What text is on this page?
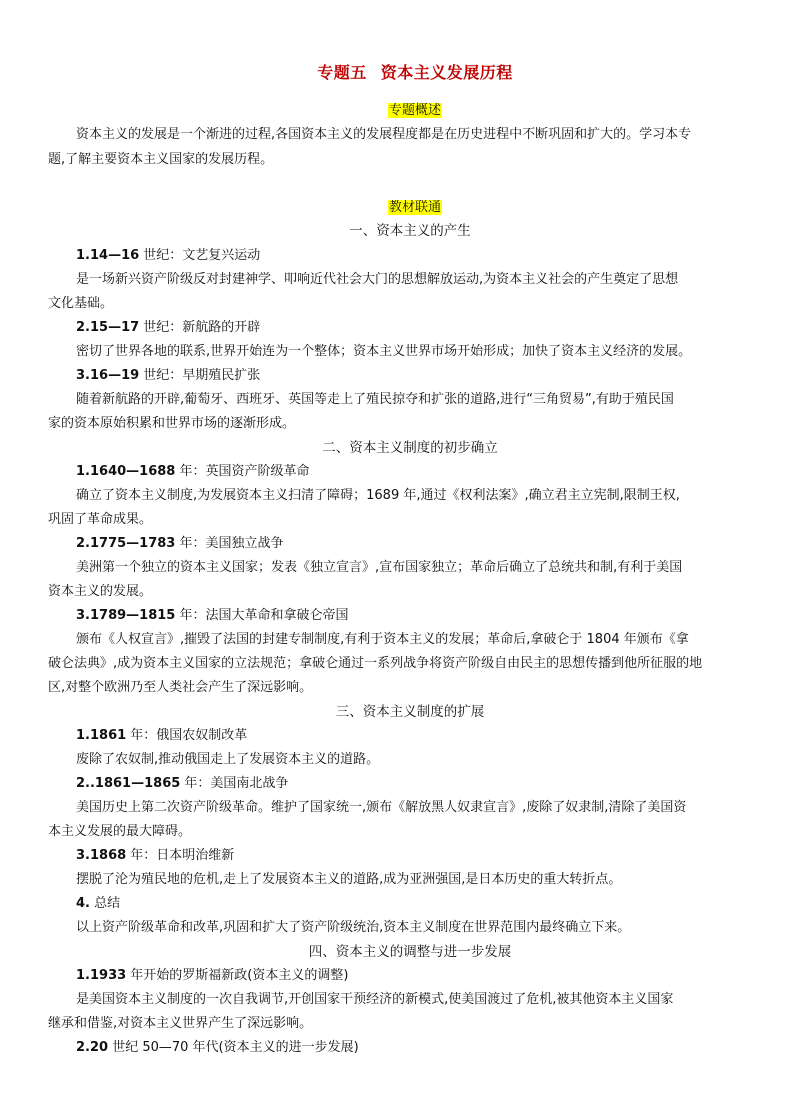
专题五 资本主义发展历程
专题概述
资本主义的发展是一个渐进的过程,各国资本主义的发展程度都是在历史进程中不断巩固和扩大的。学习本专
题,了解主要资本主义国家的发展历程。
教材联通
一、资本主义的产生
1.14—16 世纪：文艺复兴运动
是一场新兴资产阶级反对封建神学、叩响近代社会大门的思想解放运动,为资本主义社会的产生奠定了思想
文化基础。
2.15—17 世纪：新航路的开辟
密切了世界各地的联系,世界开始连为一个整体；资本主义世界市场开始形成；加快了资本主义经济的发展。
3.16—19 世纪：早期殖民扩张
随着新航路的开辟,葡萄牙、西班牙、英国等走上了殖民掠夺和扩张的道路,进行“三角贸易”,有助于殖民国
家的资本原始积累和世界市场的逐渐形成。
二、资本主义制度的初步确立
1.1640—1688 年：英国资产阶级革命
确立了资本主义制度,为发展资本主义扫清了障碍；1689 年,通过《权利法案》,确立君主立宪制,限制王权,
巩固了革命成果。
2.1775—1783 年：美国独立战争
美洲第一个独立的资本主义国家；发表《独立宣言》,宣布国家独立；革命后确立了总统共和制,有利于美国
资本主义的发展。
3.1789—1815 年：法国大革命和拿破仑帝国
颁布《人权宣言》,摧毁了法国的封建专制制度,有利于资本主义的发展；革命后,拿破仑于 1804 年颁布《拿
破仑法典》,成为资本主义国家的立法规范；拿破仑通过一系列战争将资产阶级自由民主的思想传播到他所征服的地
区,对整个欧洲乃至人类社会产生了深远影响。
三、资本主义制度的扩展
1.1861 年：俄国农奴制改革
废除了农奴制,推动俄国走上了发展资本主义的道路。
2..1861—1865 年：美国南北战争
美国历史上第二次资产阶级革命。维护了国家统一,颁布《解放黑人奴隶宣言》,废除了奴隶制,清除了美国资
本主义发展的最大障碍。
3.1868 年：日本明治维新
摆脱了沦为殖民地的危机,走上了发展资本主义的道路,成为亚洲强国,是日本历史的重大转折点。
4. 总结
以上资产阶级革命和改革,巩固和扩大了资产阶级统治,资本主义制度在世界范围内最终确立下来。
四、资本主义的调整与进一步发展
1.1933 年开始的罗斯福新政(资本主义的调整)
是美国资本主义制度的一次自我调节,开创国家干预经济的新模式,使美国渡过了危机,被其他资本主义国家
继承和借鉴,对资本主义世界产生了深远影响。
2.20 世纪 50—70 年代(资本主义的进一步发展)
